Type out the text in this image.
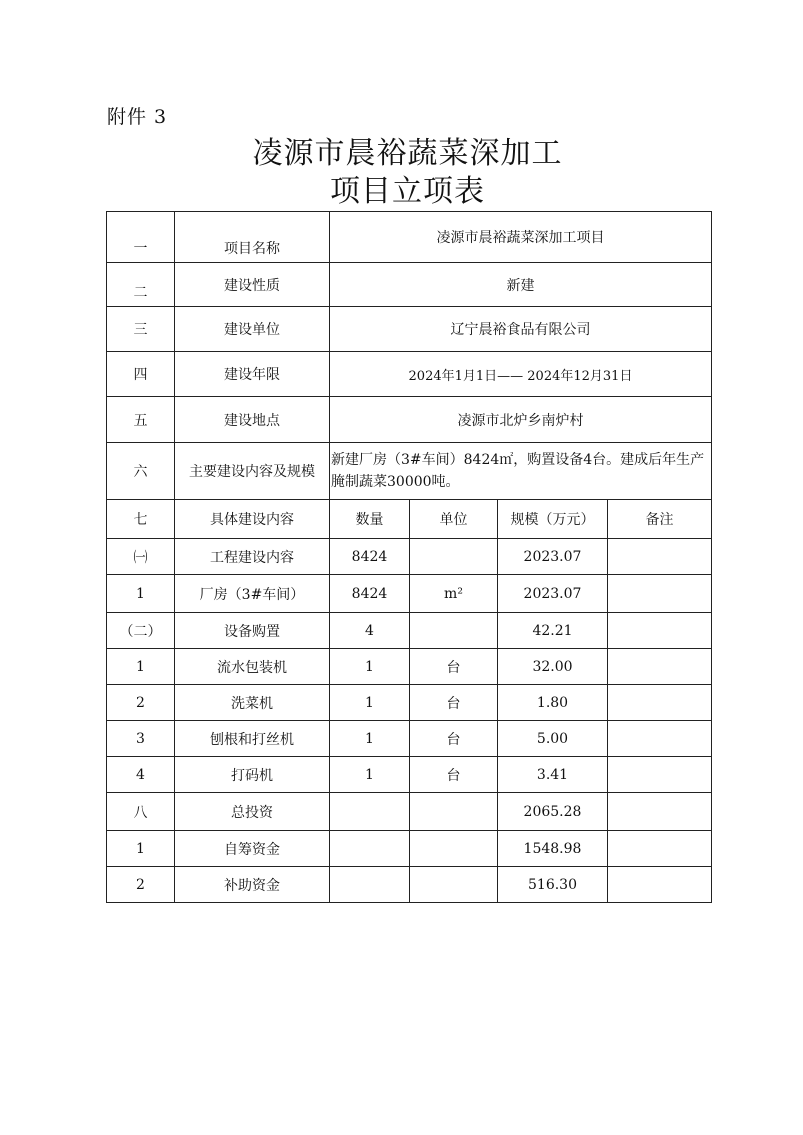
附件 3
凌源市晨裕蔬菜深加工
项目立项表
一	项目名称	凌源市晨裕蔬菜深加工项目			
二	建设性质	新建			
三	建设单位	辽宁晨裕食品有限公司			
四	建设年限	2024年1月1日—— 2024年12月31日			
五	建设地点	凌源市北炉乡南炉村			
六	主要建设内容及规模	新建厂房（3#车间）8424㎡，购置设备4台。建成后年生产腌制蔬菜30000吨。			
七	具体建设内容	数量	单位	规模（万元）	备注
㈠	工程建设内容	8424		2023.07	
1	厂房（3#车间）	8424	m²	2023.07	
（二）	设备购置	4		42.21	
1	流水包装机	1	台	32.00	
2	洗菜机	1	台	1.80	
3	刨根和打丝机	1	台	5.00	
4	打码机	1	台	3.41	
八	总投资			2065.28	
1	自筹资金			1548.98	
2	补助资金			516.30	
